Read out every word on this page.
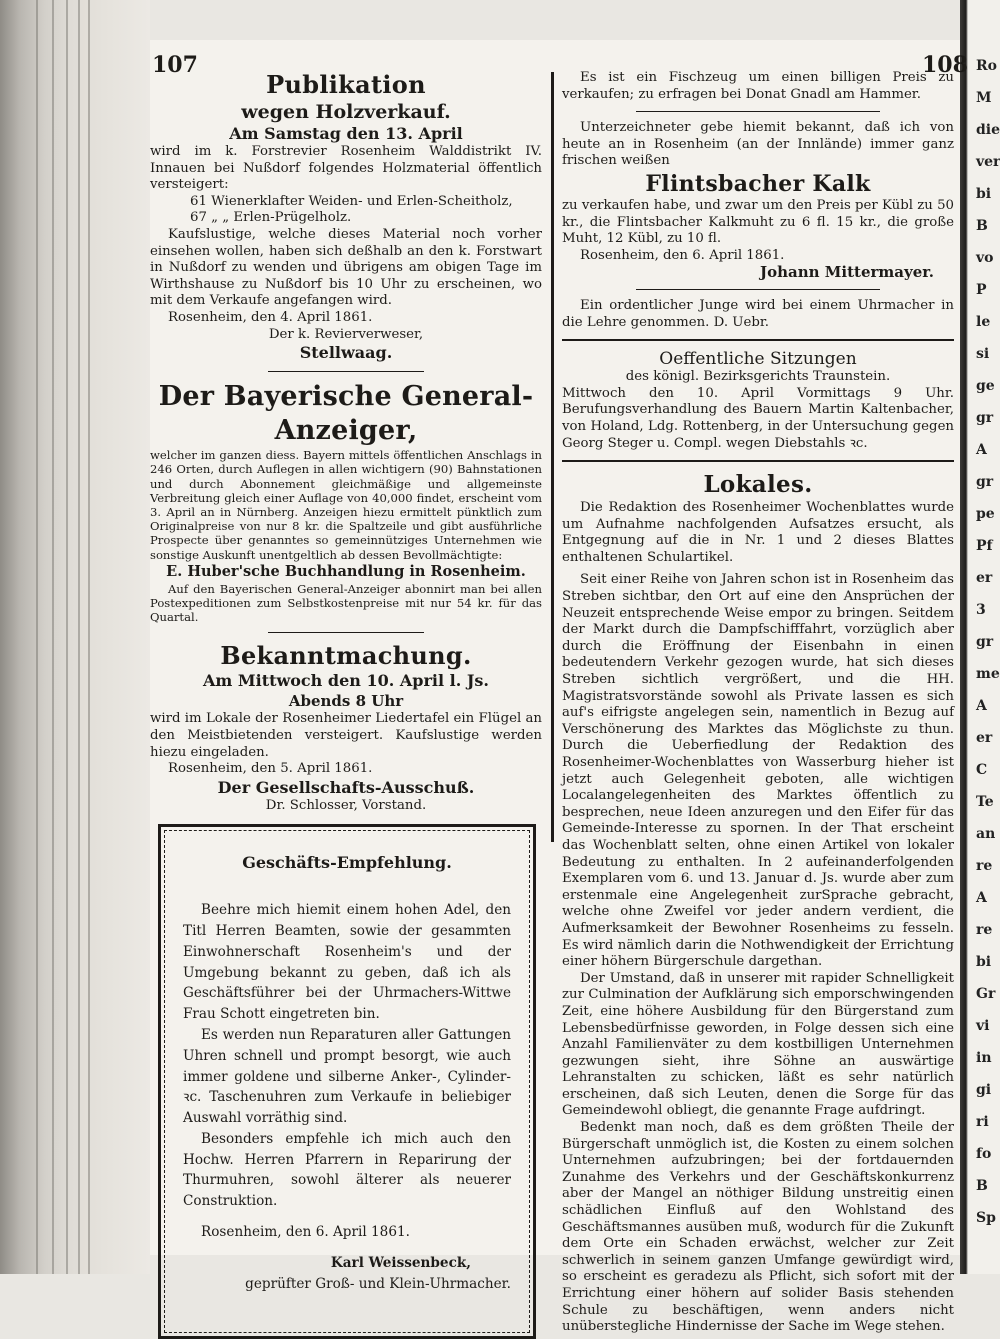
Ro
M
die
ver
bi
B
vo
P
le
si
ge
gr
A
gr
pe
Pf
er
3
gr
me
A
er
C
Te
an
re
A
re
bi
Gr
vi
in
gi
ri
fo
B
Sp
107	108
Publikation
wegen Holzverkauf.
Am Samstag den 13. April

wird im k. Forstrevier Rosenheim Walddistrikt IV. Innauen bei Nußdorf folgendes Holzmaterial öffentlich versteigert:

61 Wienerklafter Weiden- und Erlen-Scheitholz,
67 „ „ Erlen-Prügelholz.

Kaufslustige, welche dieses Material noch vorher einsehen wollen, haben sich deßhalb an den k. Forstwart in Nußdorf zu wenden und übrigens am obigen Tage im Wirthshause zu Nußdorf bis 10 Uhr zu erscheinen, wo mit dem Verkaufe angefangen wird.

Rosenheim, den 4. April 1861.

Der k. Revierverweser,

Stellwaag.
Der Bayerische General-Anzeiger,

welcher im ganzen diess. Bayern mittels öffentlichen Anschlags in 246 Orten, durch Auflegen in allen wichtigern (90) Bahnstationen und durch Abonnement gleichmäßige und allgemeinste Verbreitung gleich einer Auflage von 40,000 findet, erscheint vom 3. April an in Nürnberg. Anzeigen hiezu ermittelt pünktlich zum Originalpreise von nur 8 kr. die Spaltzeile und gibt ausführliche Prospecte über genanntes so gemeinnütziges Unternehmen wie sonstige Auskunft unentgeltlich ab dessen Bevollmächtigte:

E. Huber'sche Buchhandlung in Rosenheim.

Auf den Bayerischen General-Anzeiger abonnirt man bei allen Postexpeditionen zum Selbstkostenpreise mit nur 54 kr. für das Quartal.

Bekanntmachung.
Am Mittwoch den 10. April l. Js.
Abends 8 Uhr

wird im Lokale der Rosenheimer Liedertafel ein Flügel an den Meistbietenden versteigert. Kaufslustige werden hiezu eingeladen.

Rosenheim, den 5. April 1861.

Der Gesellschafts-Ausschuß.

Dr. Schlosser, Vorstand.

Geschäfts-Empfehlung.

Beehre mich hiemit einem hohen Adel, den Titl Herren Beamten, sowie der gesammten Einwohnerschaft Rosenheim's und der Umgebung bekannt zu geben, daß ich als Geschäftsführer bei der Uhrmachers-Wittwe Frau Schott eingetreten bin.

Es werden nun Reparaturen aller Gattungen Uhren schnell und prompt besorgt, wie auch immer goldene und silberne Anker-, Cylinder- ꝛc. Taschenuhren zum Verkaufe in beliebiger Auswahl vorräthig sind.

Besonders empfehle ich mich auch den Hochw. Herren Pfarrern in Reparirung der Thurmuhren, sowohl älterer als neuerer Construktion.

Rosenheim, den 6. April 1861.

Karl Weissenbeck,
geprüfter Groß- und Klein-Uhrmacher.

Es ist ein Fischzeug um einen billigen Preis zu verkaufen; zu erfragen bei Donat Gnadl am Hammer.

Unterzeichneter gebe hiemit bekannt, daß ich von heute an in Rosenheim (an der Innlände) immer ganz frischen weißen

Flintsbacher Kalk

zu verkaufen habe, und zwar um den Preis per Kübl zu 50 kr., die Flintsbacher Kalkmuht zu 6 fl. 15 kr., die große Muht, 12 Kübl, zu 10 fl.

Rosenheim, den 6. April 1861.

Johann Mittermayer.

Ein ordentlicher Junge wird bei einem Uhrmacher in die Lehre genommen. D. Uebr.

Oeffentliche Sitzungen

des königl. Bezirksgerichts Traunstein.

Mittwoch den 10. April Vormittags 9 Uhr. Berufungsverhandlung des Bauern Martin Kaltenbacher, von Holand, Ldg. Rottenberg, in der Untersuchung gegen Georg Steger u. Compl. wegen Diebstahls ꝛc.

Lokales.

Die Redaktion des Rosenheimer Wochenblattes wurde um Aufnahme nachfolgenden Aufsatzes ersucht, als Entgegnung auf die in Nr. 1 und 2 dieses Blattes enthaltenen Schulartikel.

Seit einer Reihe von Jahren schon ist in Rosenheim das Streben sichtbar, den Ort auf eine den Ansprüchen der Neuzeit entsprechende Weise empor zu bringen. Seitdem der Markt durch die Dampfschifffahrt, vorzüglich aber durch die Eröffnung der Eisenbahn in einen bedeutendern Verkehr gezogen wurde, hat sich dieses Streben sichtlich vergrößert, und die HH. Magistratsvorstände sowohl als Private lassen es sich auf's eifrigste angelegen sein, namentlich in Bezug auf Verschönerung des Marktes das Möglichste zu thun. Durch die Ueberfiedlung der Redaktion des Rosenheimer-Wochenblattes von Wasserburg hieher ist jetzt auch Gelegenheit geboten, alle wichtigen Localangelegenheiten des Marktes öffentlich zu besprechen, neue Ideen anzuregen und den Eifer für das Gemeinde-Interesse zu spornen. In der That erscheint das Wochenblatt selten, ohne einen Artikel von lokaler Bedeutung zu enthalten. In 2 aufeinanderfolgenden Exemplaren vom 6. und 13. Januar d. Js. wurde aber zum erstenmale eine Angelegenheit zurSprache gebracht, welche ohne Zweifel vor jeder andern verdient, die Aufmerksamkeit der Bewohner Rosenheims zu fesseln. Es wird nämlich darin die Nothwendigkeit der Errichtung einer höhern Bürgerschule dargethan.

Der Umstand, daß in unserer mit rapider Schnelligkeit zur Culmination der Aufklärung sich emporschwingenden Zeit, eine höhere Ausbildung für den Bürgerstand zum Lebensbedürfnisse geworden, in Folge dessen sich eine Anzahl Familienväter zu dem kostbilligen Unternehmen gezwungen sieht, ihre Söhne an auswärtige Lehranstalten zu schicken, läßt es sehr natürlich erscheinen, daß sich Leuten, denen die Sorge für das Gemeindewohl obliegt, die genannte Frage aufdringt.

Bedenkt man noch, daß es dem größten Theile der Bürgerschaft unmöglich ist, die Kosten zu einem solchen Unternehmen aufzubringen; bei der fortdauernden Zunahme des Verkehrs und der Geschäftskonkurrenz aber der Mangel an nöthiger Bildung unstreitig einen schädlichen Einfluß auf den Wohlstand des Geschäftsmannes ausüben muß, wodurch für die Zukunft dem Orte ein Schaden erwächst, welcher zur Zeit schwerlich in seinem ganzen Umfange gewürdigt wird, so erscheint es geradezu als Pflicht, sich sofort mit der Errichtung einer höhern auf solider Basis stehenden Schule zu beschäftigen, wenn anders nicht unüberstegliche Hindernisse der Sache im Wege stehen.
